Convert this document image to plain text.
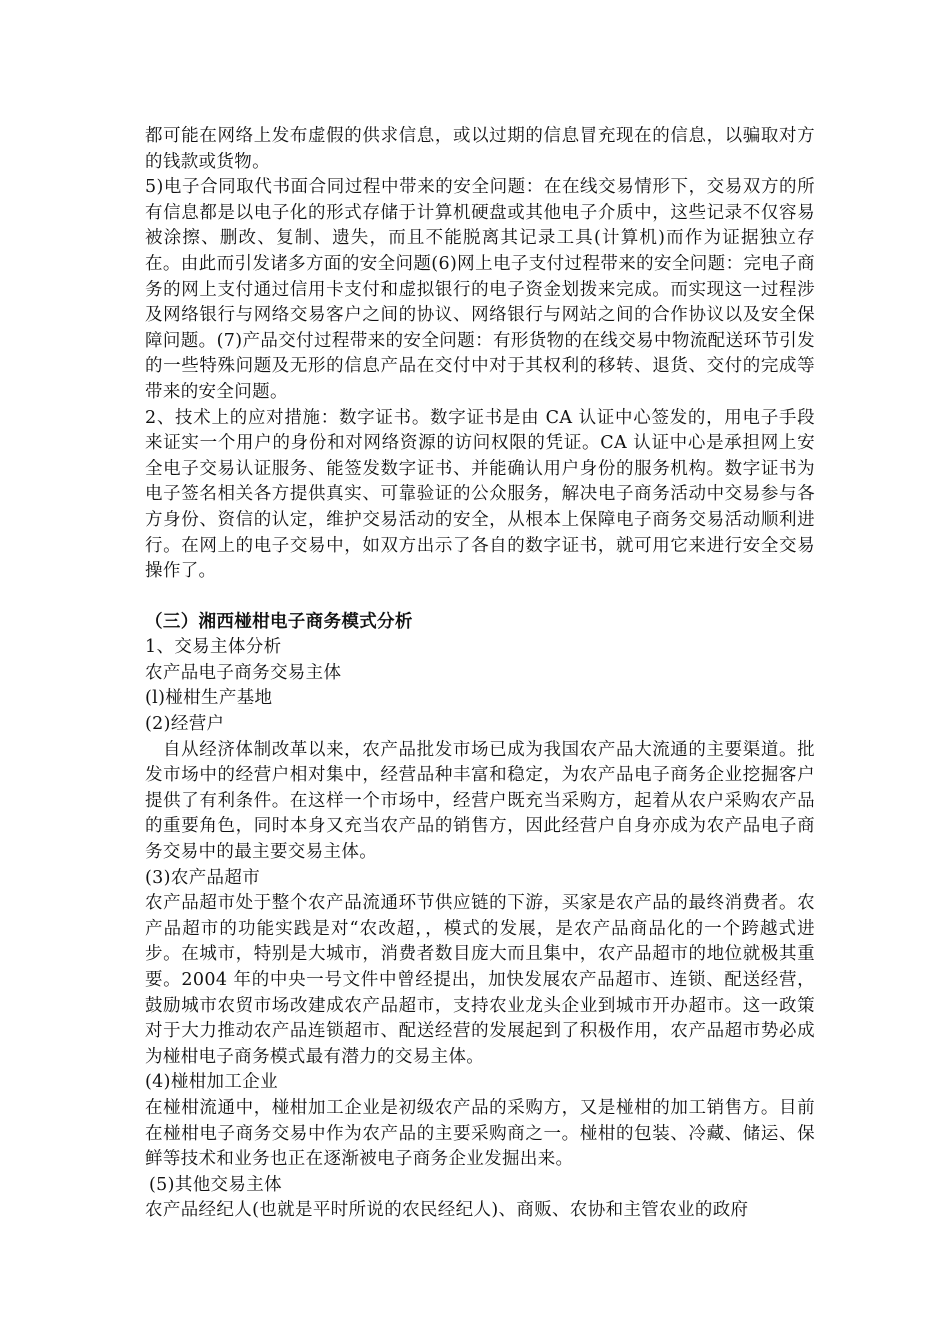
都可能在网络上发布虚假的供求信息，或以过期的信息冒充现在的信息，以骗取对方的钱款或货物。

5)电子合同取代书面合同过程中带来的安全问题：在在线交易情形下，交易双方的所有信息都是以电子化的形式存储于计算机硬盘或其他电子介质中，这些记录不仅容易被涂擦、删改、复制、遗失，而且不能脱离其记录工具(计算机)而作为证据独立存在。由此而引发诸多方面的安全问题(6)网上电子支付过程带来的安全问题：完电子商务的网上支付通过信用卡支付和虚拟银行的电子资金划拨来完成。而实现这一过程涉及网络银行与网络交易客户之间的协议、网络银行与网站之间的合作协议以及安全保障问题。(7)产品交付过程带来的安全问题：有形货物的在线交易中物流配送环节引发的一些特殊问题及无形的信息产品在交付中对于其权利的移转、退货、交付的完成等带来的安全问题。

2、技术上的应对措施：数字证书。数字证书是由 CA 认证中心签发的，用电子手段来证实一个用户的身份和对网络资源的访问权限的凭证。CA 认证中心是承担网上安全电子交易认证服务、能签发数字证书、并能确认用户身份的服务机构。数字证书为电子签名相关各方提供真实、可靠验证的公众服务，解决电子商务活动中交易参与各方身份、资信的认定，维护交易活动的安全，从根本上保障电子商务交易活动顺利进行。在网上的电子交易中，如双方出示了各自的数字证书，就可用它来进行安全交易操作了。

（三）湘西椪柑电子商务模式分析

1、交易主体分析

农产品电子商务交易主体

(l)椪柑生产基地

(2)经营户

自从经济体制改革以来，农产品批发市场已成为我国农产品大流通的主要渠道。批发市场中的经营户相对集中，经营品种丰富和稳定，为农产品电子商务企业挖掘客户提供了有利条件。在这样一个市场中，经营户既充当采购方，起着从农户采购农产品的重要角色，同时本身又充当农产品的销售方，因此经营户自身亦成为农产品电子商务交易中的最主要交易主体。

(3)农产品超市

农产品超市处于整个农产品流通环节供应链的下游，买家是农产品的最终消费者。农产品超市的功能实践是对“农改超，，模式的发展，是农产品商品化的一个跨越式进步。在城市，特别是大城市，消费者数目庞大而且集中，农产品超市的地位就极其重要。2004 年的中央一号文件中曾经提出，加快发展农产品超市、连锁、配送经营，鼓励城市农贸市场改建成农产品超市，支持农业龙头企业到城市开办超市。这一政策对于大力推动农产品连锁超市、配送经营的发展起到了积极作用，农产品超市势必成为椪柑电子商务模式最有潜力的交易主体。

(4)椪柑加工企业

在椪柑流通中，椪柑加工企业是初级农产品的采购方，又是椪柑的加工销售方。目前在椪柑电子商务交易中作为农产品的主要采购商之一。椪柑的包装、冷藏、储运、保鲜等技术和业务也正在逐渐被电子商务企业发掘出来。

(5)其他交易主体

农产品经纪人(也就是平时所说的农民经纪人)、商贩、农协和主管农业的政府
